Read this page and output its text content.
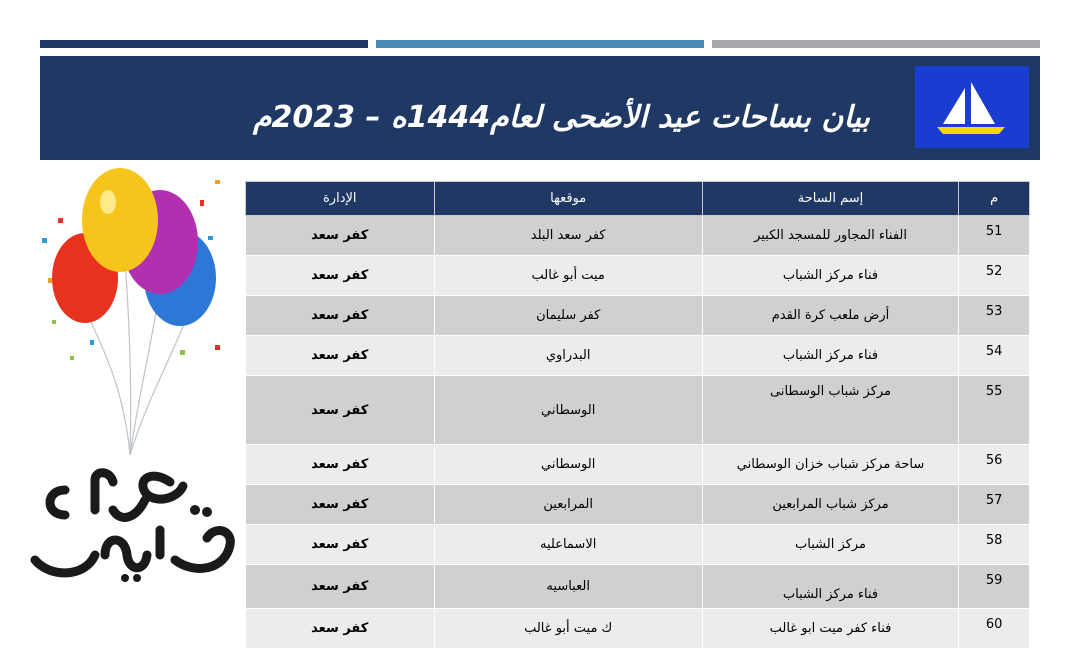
بيان بساحات عيد الأضحى لعام1444ه – 2023م
م	إسم الساحة	موقعها	الإدارة
51	الفناء المجاور للمسجد الكبير	كفر سعد البلد	كفر سعد
52	فناء مركز الشباب	ميت أبو غالب	كفر سعد
53	أرض ملعب كرة القدم	كفر سليمان	كفر سعد
54	فناء مركز الشباب	البدراوي	كفر سعد
55	مركز شباب الوسطانى	الوسطاني	كفر سعد
56	ساحة مركز شباب خزان الوسطاني	الوسطاني	كفر سعد
57	مركز شباب المرابعين	المرابعين	كفر سعد
58	مركز الشباب	الاسماعليه	كفر سعد
59	فناء مركز الشباب	العباسيه	كفر سعد
60	فناء كفر ميت ابو غالب	ك ميت أبو غالب	كفر سعد
